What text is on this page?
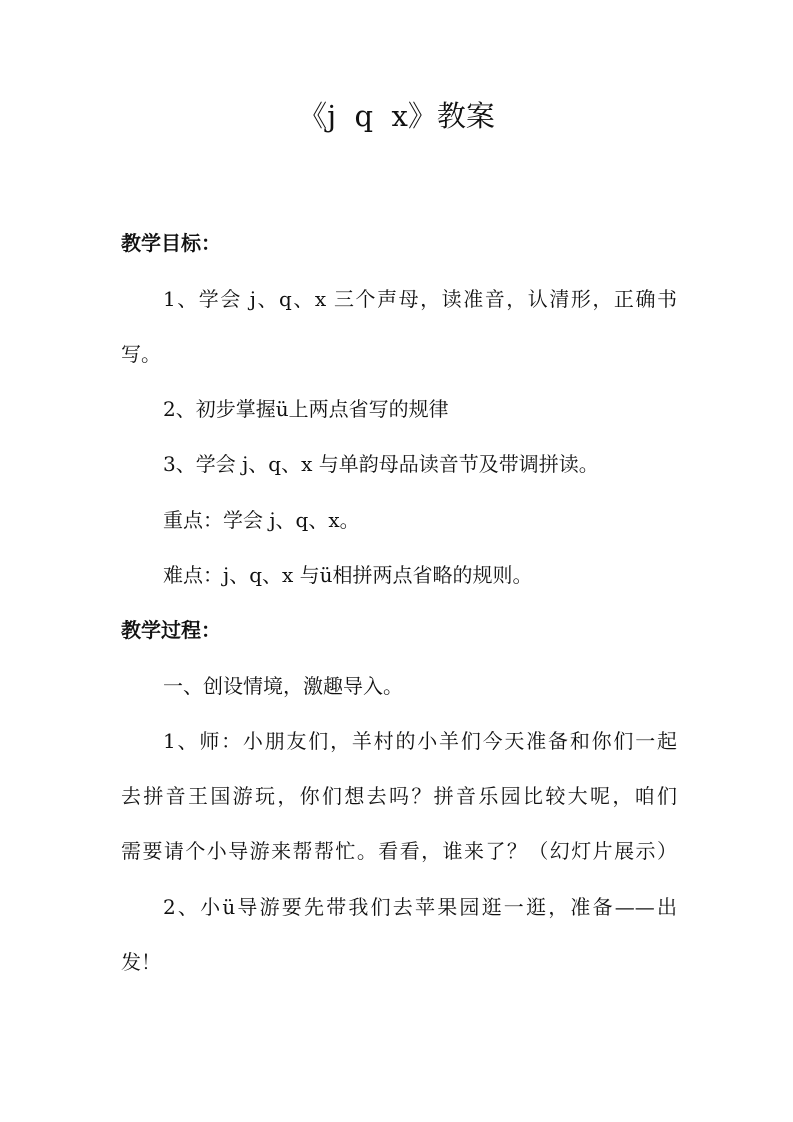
《j  q  x》教案
教学目标：
1、学会 j、q、x 三个声母，读准音，认清形，正确书
写。
2、初步掌握ü上两点省写的规律
3、学会 j、q、x 与单韵母品读音节及带调拼读。
重点：学会 j、q、x。
难点：j、q、x 与ü相拼两点省略的规则。
教学过程：
一、创设情境，激趣导入。
1、师：小朋友们，羊村的小羊们今天准备和你们一起
去拼音王国游玩，你们想去吗？拼音乐园比较大呢，咱们
需要请个小导游来帮帮忙。看看，谁来了？（幻灯片展示）
2、小ü导游要先带我们去苹果园逛一逛，准备——出
发！
